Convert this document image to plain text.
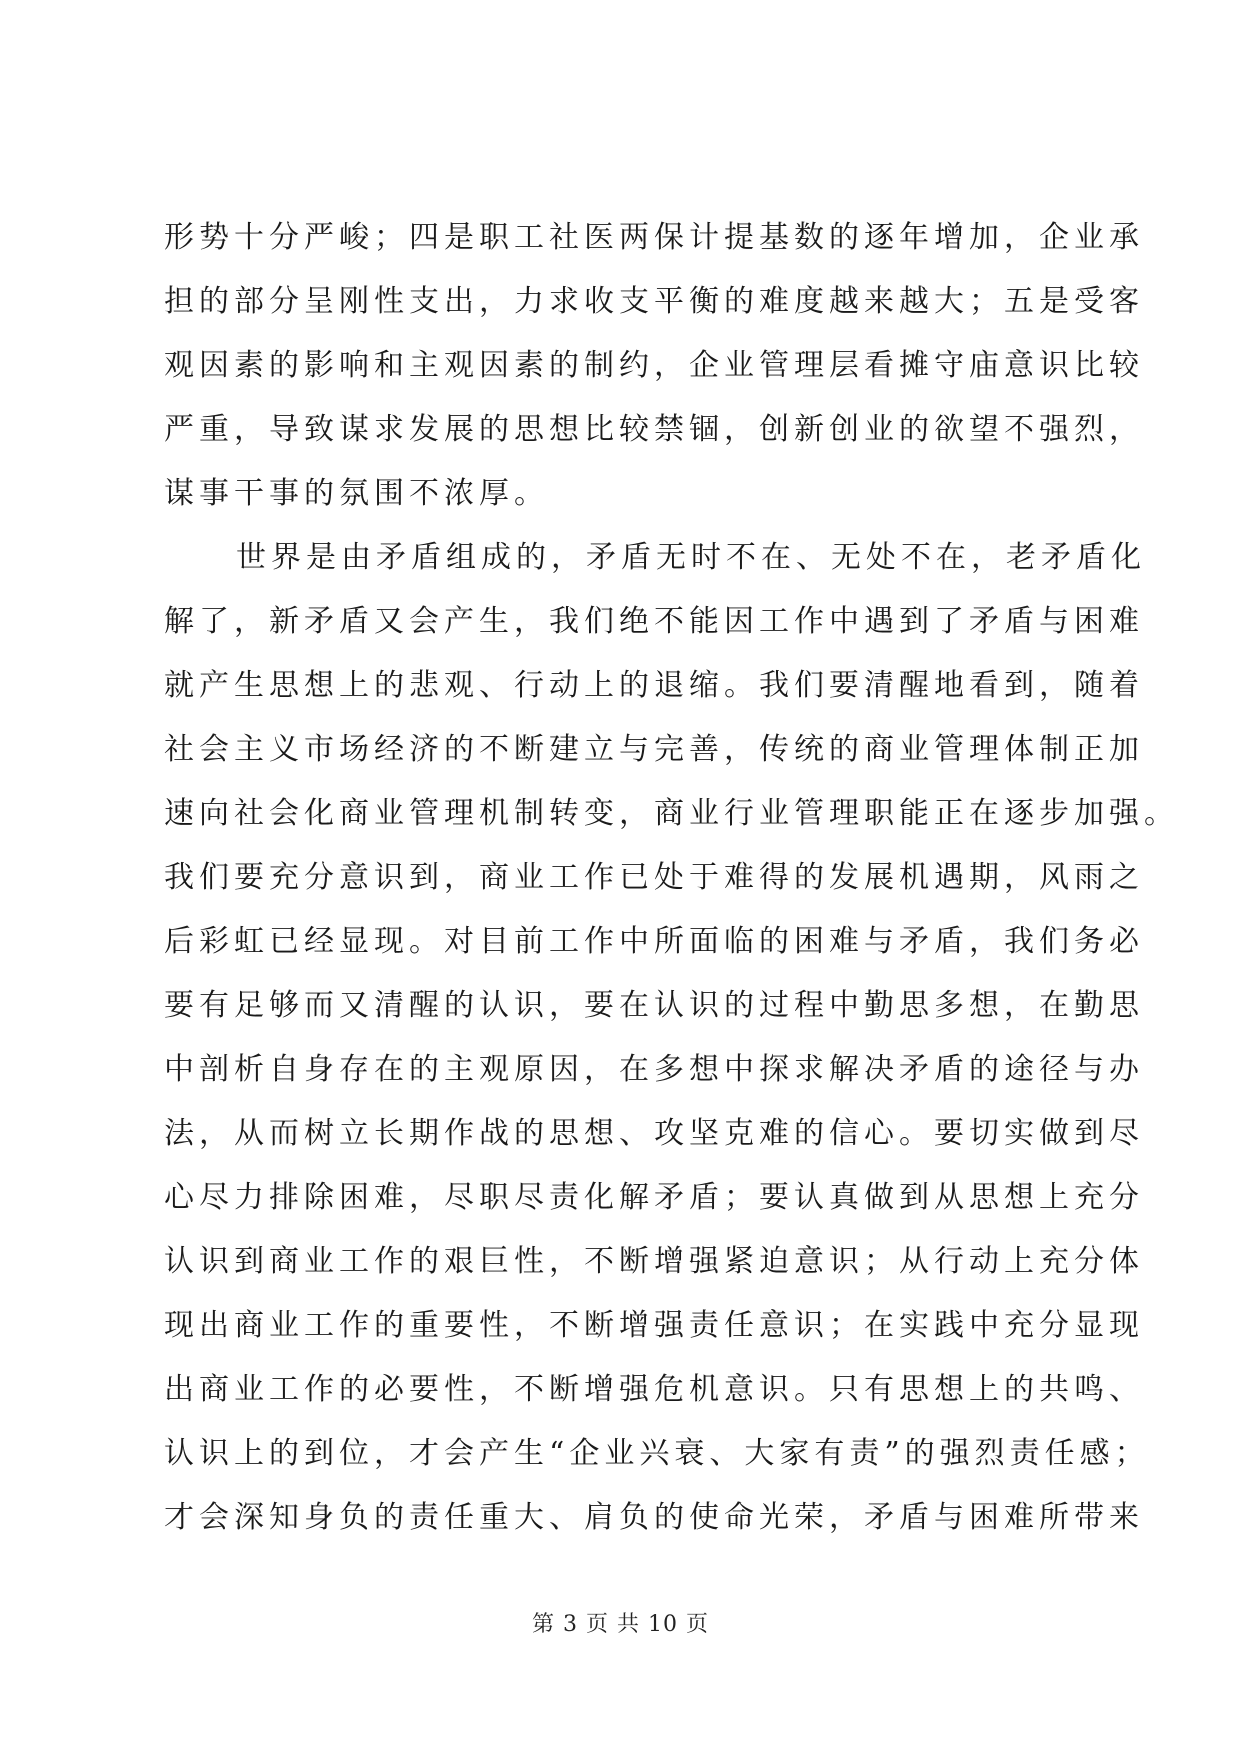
形势十分严峻；四是职工社医两保计提基数的逐年增加，企业承
担的部分呈刚性支出，力求收支平衡的难度越来越大；五是受客
观因素的影响和主观因素的制约，企业管理层看摊守庙意识比较
严重，导致谋求发展的思想比较禁锢，创新创业的欲望不强烈，
谋事干事的氛围不浓厚。
世界是由矛盾组成的，矛盾无时不在、无处不在，老矛盾化
解了，新矛盾又会产生，我们绝不能因工作中遇到了矛盾与困难
就产生思想上的悲观、行动上的退缩。我们要清醒地看到，随着
社会主义市场经济的不断建立与完善，传统的商业管理体制正加
速向社会化商业管理机制转变，商业行业管理职能正在逐步加强。
我们要充分意识到，商业工作已处于难得的发展机遇期，风雨之
后彩虹已经显现。对目前工作中所面临的困难与矛盾，我们务必
要有足够而又清醒的认识，要在认识的过程中勤思多想，在勤思
中剖析自身存在的主观原因，在多想中探求解决矛盾的途径与办
法，从而树立长期作战的思想、攻坚克难的信心。要切实做到尽
心尽力排除困难，尽职尽责化解矛盾；要认真做到从思想上充分
认识到商业工作的艰巨性，不断增强紧迫意识；从行动上充分体
现出商业工作的重要性，不断增强责任意识；在实践中充分显现
出商业工作的必要性，不断增强危机意识。只有思想上的共鸣、
认识上的到位，才会产生“企业兴衰、大家有责”的强烈责任感；
才会深知身负的责任重大、肩负的使命光荣，矛盾与困难所带来
第 3 页 共 10 页
